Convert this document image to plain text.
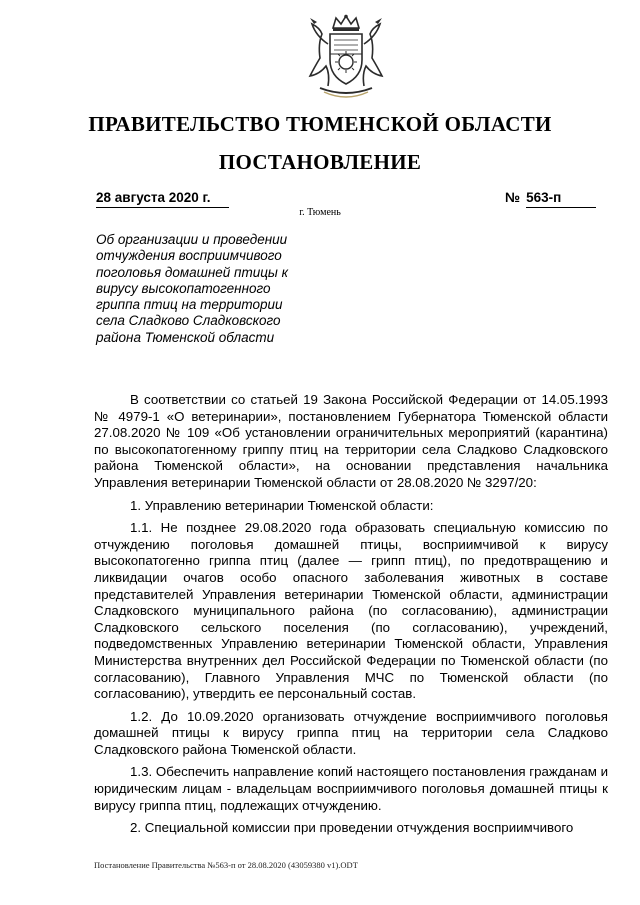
ПРАВИТЕЛЬСТВО ТЮМЕНСКОЙ ОБЛАСТИ
ПОСТАНОВЛЕНИЕ
28 августа 2020 г.	№ 563-п
г. Тюмень
Об организации и проведении отчуждения восприимчивого поголовья домашней птицы к вирусу высокопатогенного гриппа птиц на территории села Сладково Сладковского района Тюменской области

В соответствии со статьей 19 Закона Российской Федерации от 14.05.1993 № 4979-1 «О ветеринарии», постановлением Губернатора Тюменской области 27.08.2020 № 109 «Об установлении ограничительных мероприятий (карантина) по высокопатогенному гриппу птиц на территории села Сладково Сладковского района Тюменской области», на основании представления начальника Управления ветеринарии Тюменской области от 28.08.2020 № 3297/20:

1. Управлению ветеринарии Тюменской области:

1.1. Не позднее 29.08.2020 года образовать специальную комиссию по отчуждению поголовья домашней птицы, восприимчивой к вирусу высокопатогенно гриппа птиц (далее — грипп птиц), по предотвращению и ликвидации очагов особо опасного заболевания животных в составе представителей Управления ветеринарии Тюменской области, администрации Сладковского муниципального района (по согласованию), администрации Сладковского сельского поселения (по согласованию), учреждений, подведомственных Управлению ветеринарии Тюменской области, Управления Министерства внутренних дел Российской Федерации по Тюменской области (по согласованию), Главного Управления МЧС по Тюменской области (по согласованию), утвердить ее персональный состав.

1.2. До 10.09.2020 организовать отчуждение восприимчивого поголовья домашней птицы к вирусу гриппа птиц на территории села Сладково Сладковского района Тюменской области.

1.3. Обеспечить направление копий настоящего постановления гражданам и юридическим лицам - владельцам восприимчивого поголовья домашней птицы к вирусу гриппа птиц, подлежащих отчуждению.

2. Специальной комиссии при проведении отчуждения восприимчивого

Постановление Правительства №563-п от 28.08.2020 (43059380 v1).ODT
